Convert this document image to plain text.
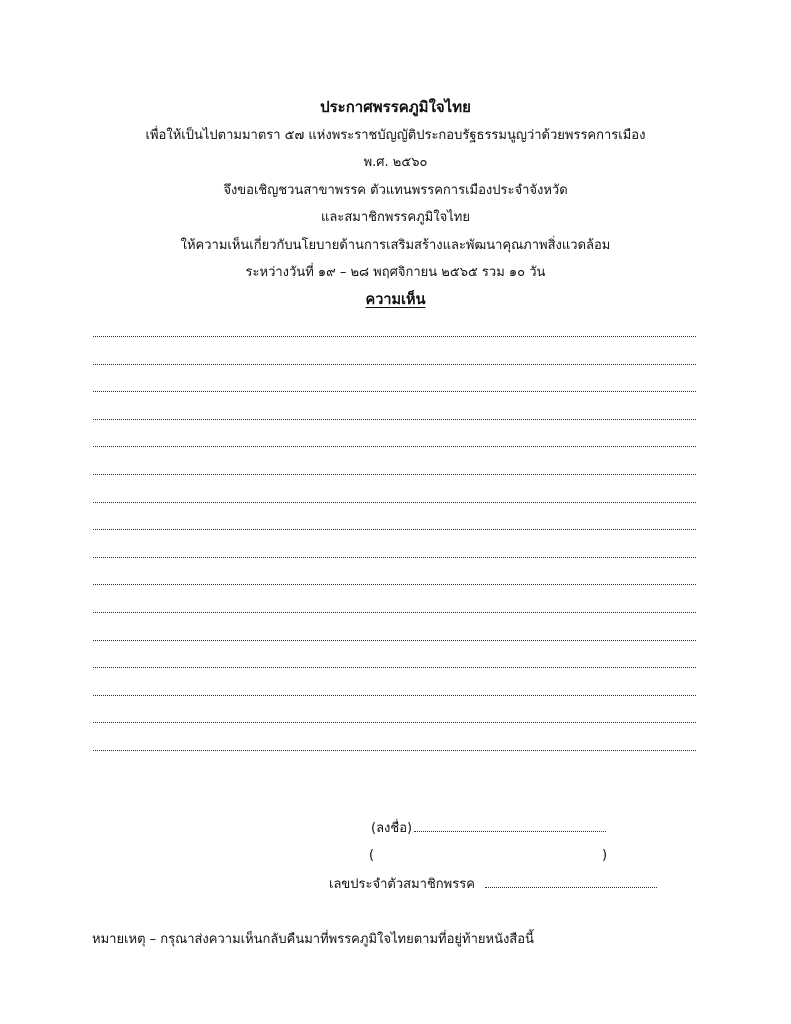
ประกาศพรรคภูมิใจไทย
เพื่อให้เป็นไปตามมาตรา ๕๗ แห่งพระราชบัญญัติประกอบรัฐธรรมนูญว่าด้วยพรรคการเมือง
พ.ศ. ๒๕๖๐
จึงขอเชิญชวนสาขาพรรค ตัวแทนพรรคการเมืองประจำจังหวัด
และสมาชิกพรรคภูมิใจไทย
ให้ความเห็นเกี่ยวกับนโยบายด้านการเสริมสร้างและพัฒนาคุณภาพสิ่งแวดล้อม
ระหว่างวันที่ ๑๙ – ๒๘ พฤศจิกายน ๒๕๖๕ รวม ๑๐ วัน
ความเห็น
(ลงชื่อ)
(	)
เลขประจำตัวสมาชิกพรรค
หมายเหตุ – กรุณาส่งความเห็นกลับคืนมาที่พรรคภูมิใจไทยตามที่อยู่ท้ายหนังสือนี้
